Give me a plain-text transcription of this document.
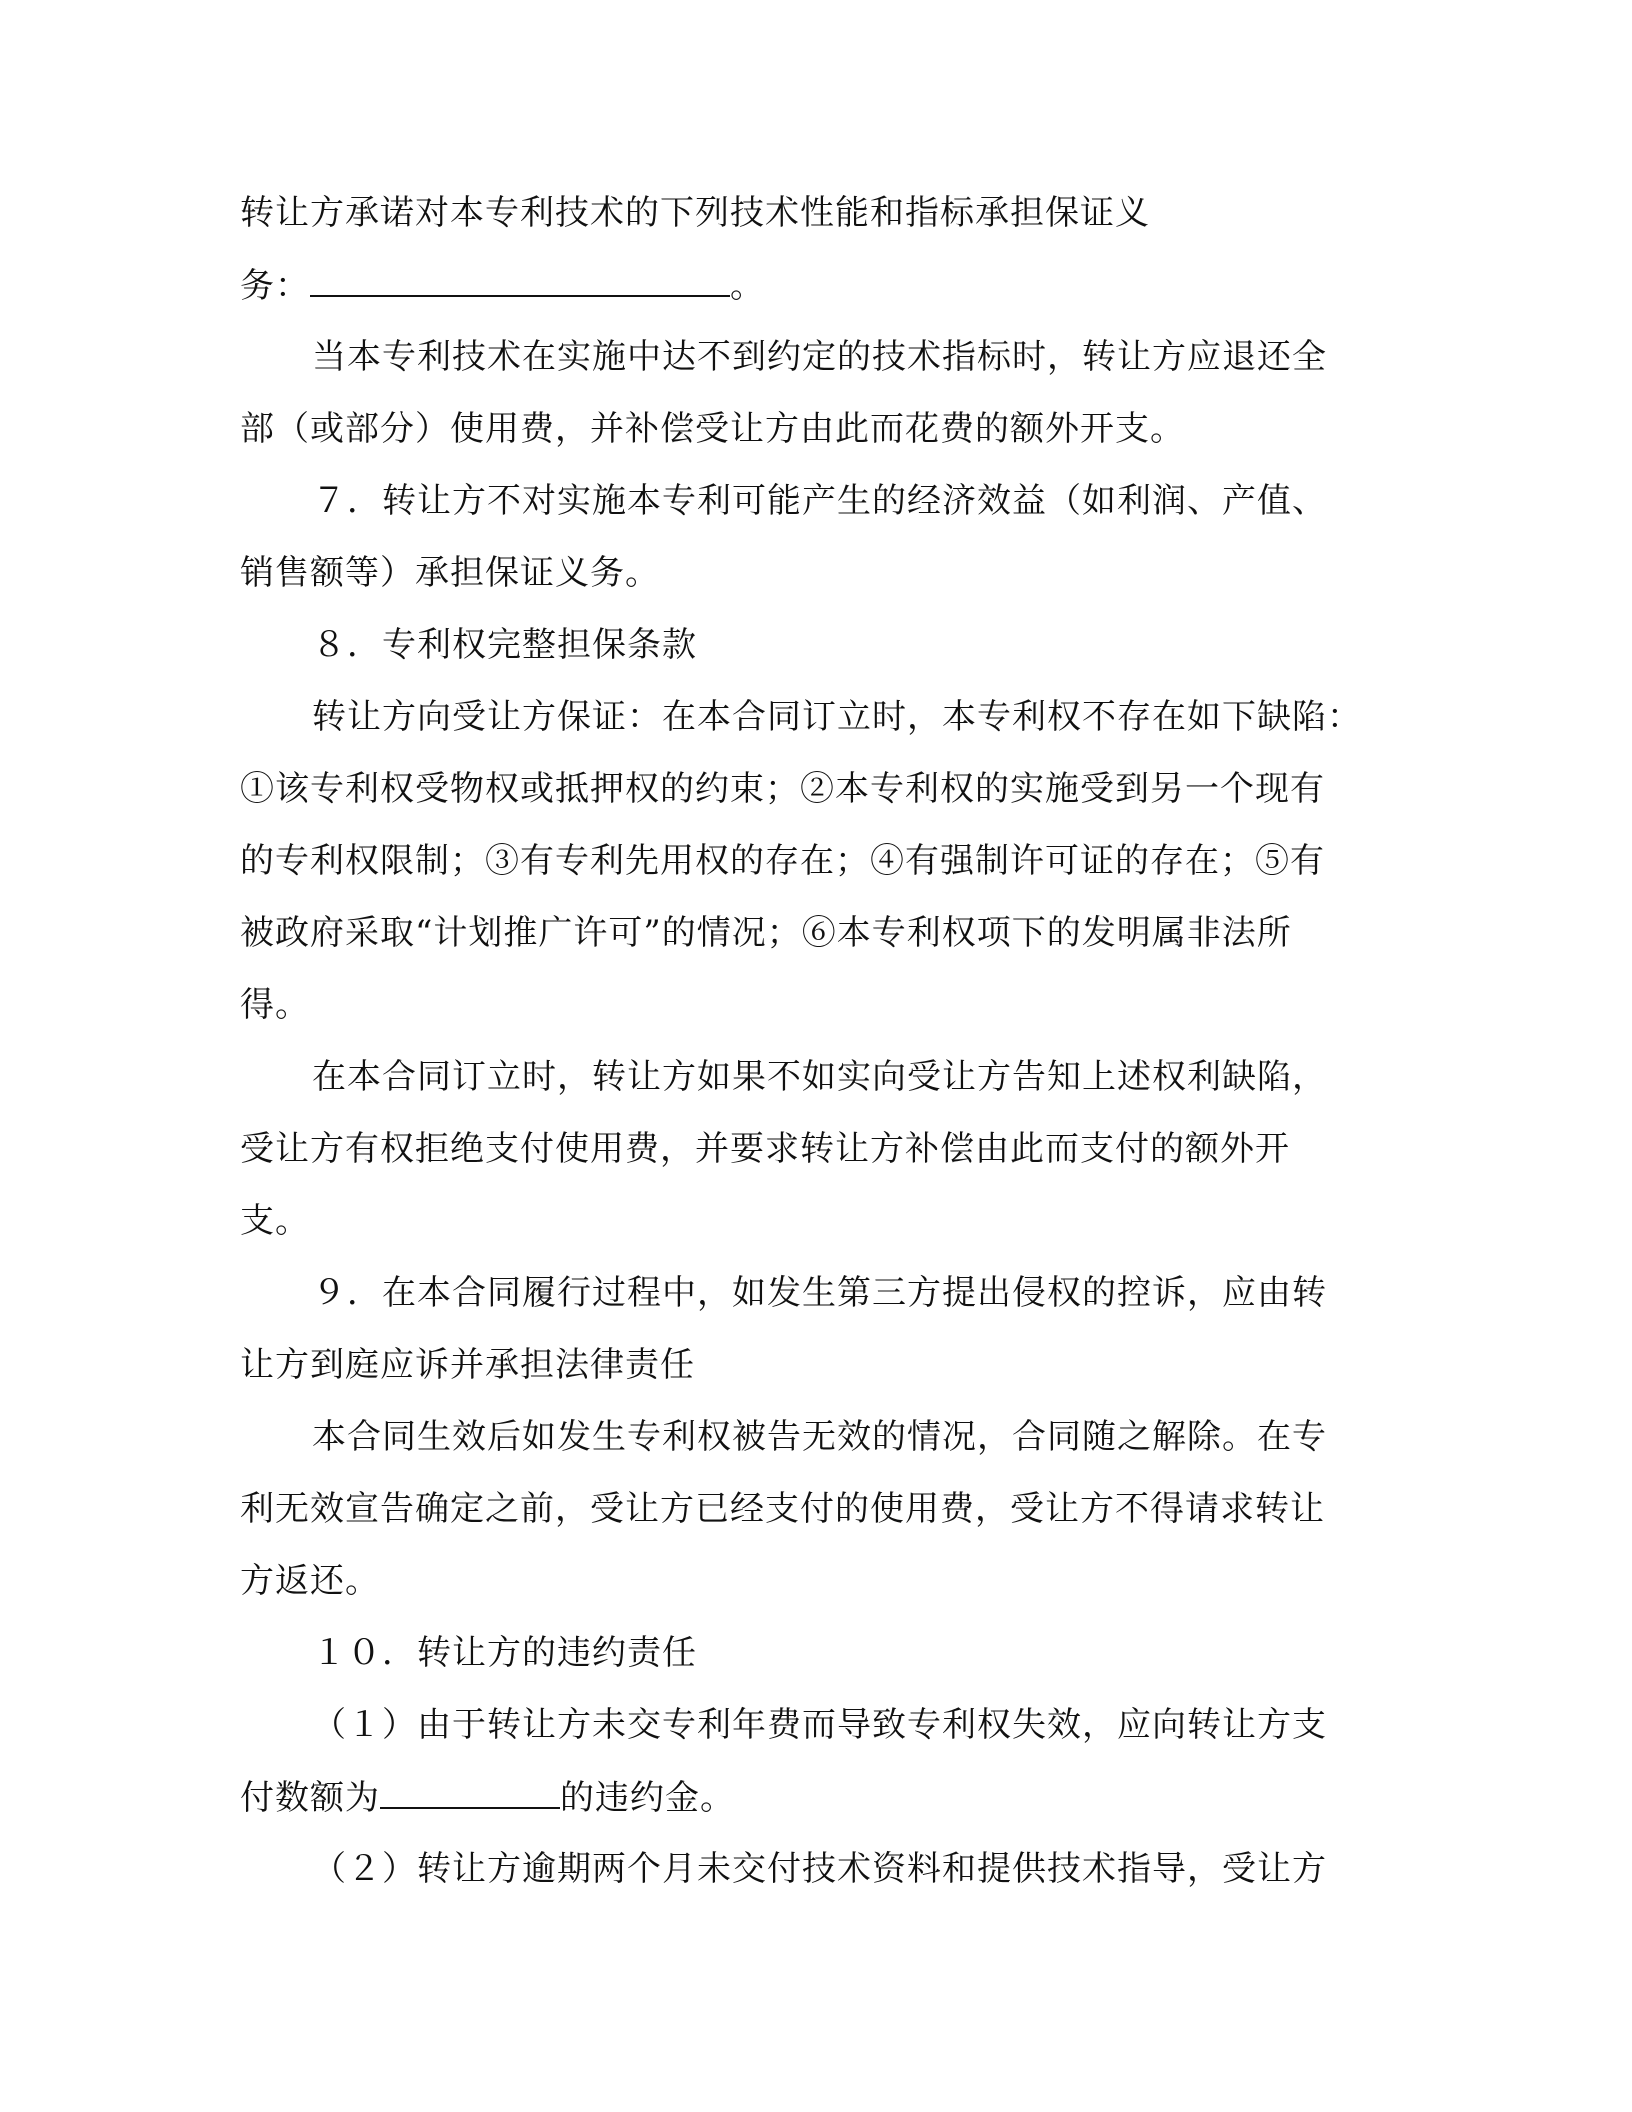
转让方承诺对本专利技术的下列技术性能和指标承担保证义
务：	。
当本专利技术在实施中达不到约定的技术指标时，转让方应退还全
部（或部分）使用费，并补偿受让方由此而花费的额外开支。
７．转让方不对实施本专利可能产生的经济效益（如利润、产值、
销售额等）承担保证义务。
８．专利权完整担保条款
转让方向受让方保证：在本合同订立时，本专利权不存在如下缺陷：
①该专利权受物权或抵押权的约束；②本专利权的实施受到另一个现有
的专利权限制；③有专利先用权的存在；④有强制许可证的存在；⑤有
被政府采取“计划推广许可”的情况；⑥本专利权项下的发明属非法所
得。
在本合同订立时，转让方如果不如实向受让方告知上述权利缺陷，
受让方有权拒绝支付使用费，并要求转让方补偿由此而支付的额外开
支。
９．在本合同履行过程中，如发生第三方提出侵权的控诉，应由转
让方到庭应诉并承担法律责任
本合同生效后如发生专利权被告无效的情况，合同随之解除。在专
利无效宣告确定之前，受让方已经支付的使用费，受让方不得请求转让
方返还。
１０．转让方的违约责任
（１）由于转让方未交专利年费而导致专利权失效，应向转让方支
付数额为	的违约金。
（２）转让方逾期两个月未交付技术资料和提供技术指导，受让方
